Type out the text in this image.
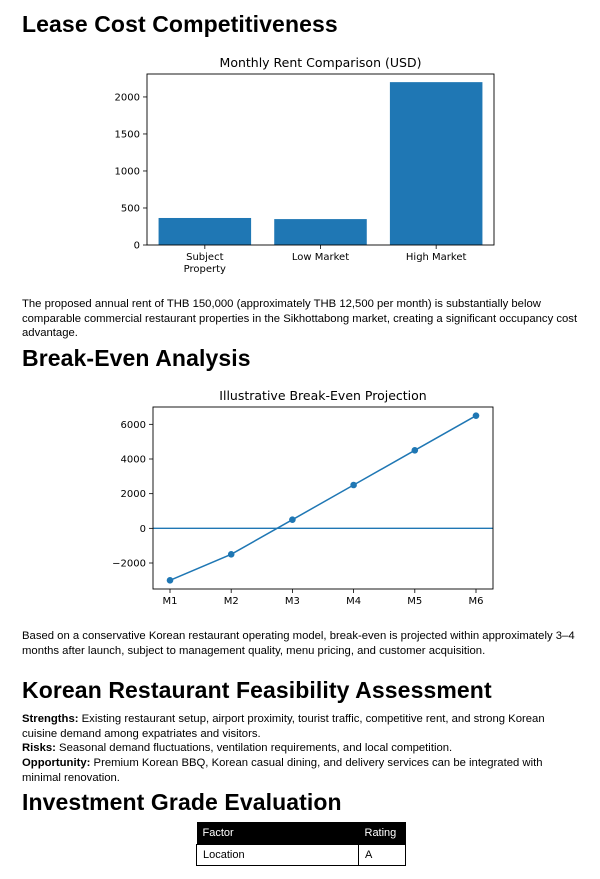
Lease Cost Competitiveness
Monthly Rent Comparison (USD)
Subject
Property
Low Market	High Market
0
500
1000
1500
2000

The proposed annual rent of THB 150,000 (approximately THB 12,500 per month) is substantially below comparable commercial restaurant properties in the Sikhottabong market, creating a significant occupancy cost advantage.

Break-Even Analysis
Illustrative Break-Even Projection
M1	M2	M3	M4	M5	M6
−2000
0
2000
4000
6000

Based on a conservative Korean restaurant operating model, break-even is projected within approximately 3–4 months after launch, subject to management quality, menu pricing, and customer acquisition.

Korean Restaurant Feasibility Assessment

Strengths: Existing restaurant setup, airport proximity, tourist traffic, competitive rent, and strong Korean cuisine demand among expatriates and visitors.

Risks: Seasonal demand fluctuations, ventilation requirements, and local competition.

Opportunity: Premium Korean BBQ, Korean casual dining, and delivery services can be integrated with minimal renovation.

Investment Grade Evaluation
Factor	Rating
Location	A
